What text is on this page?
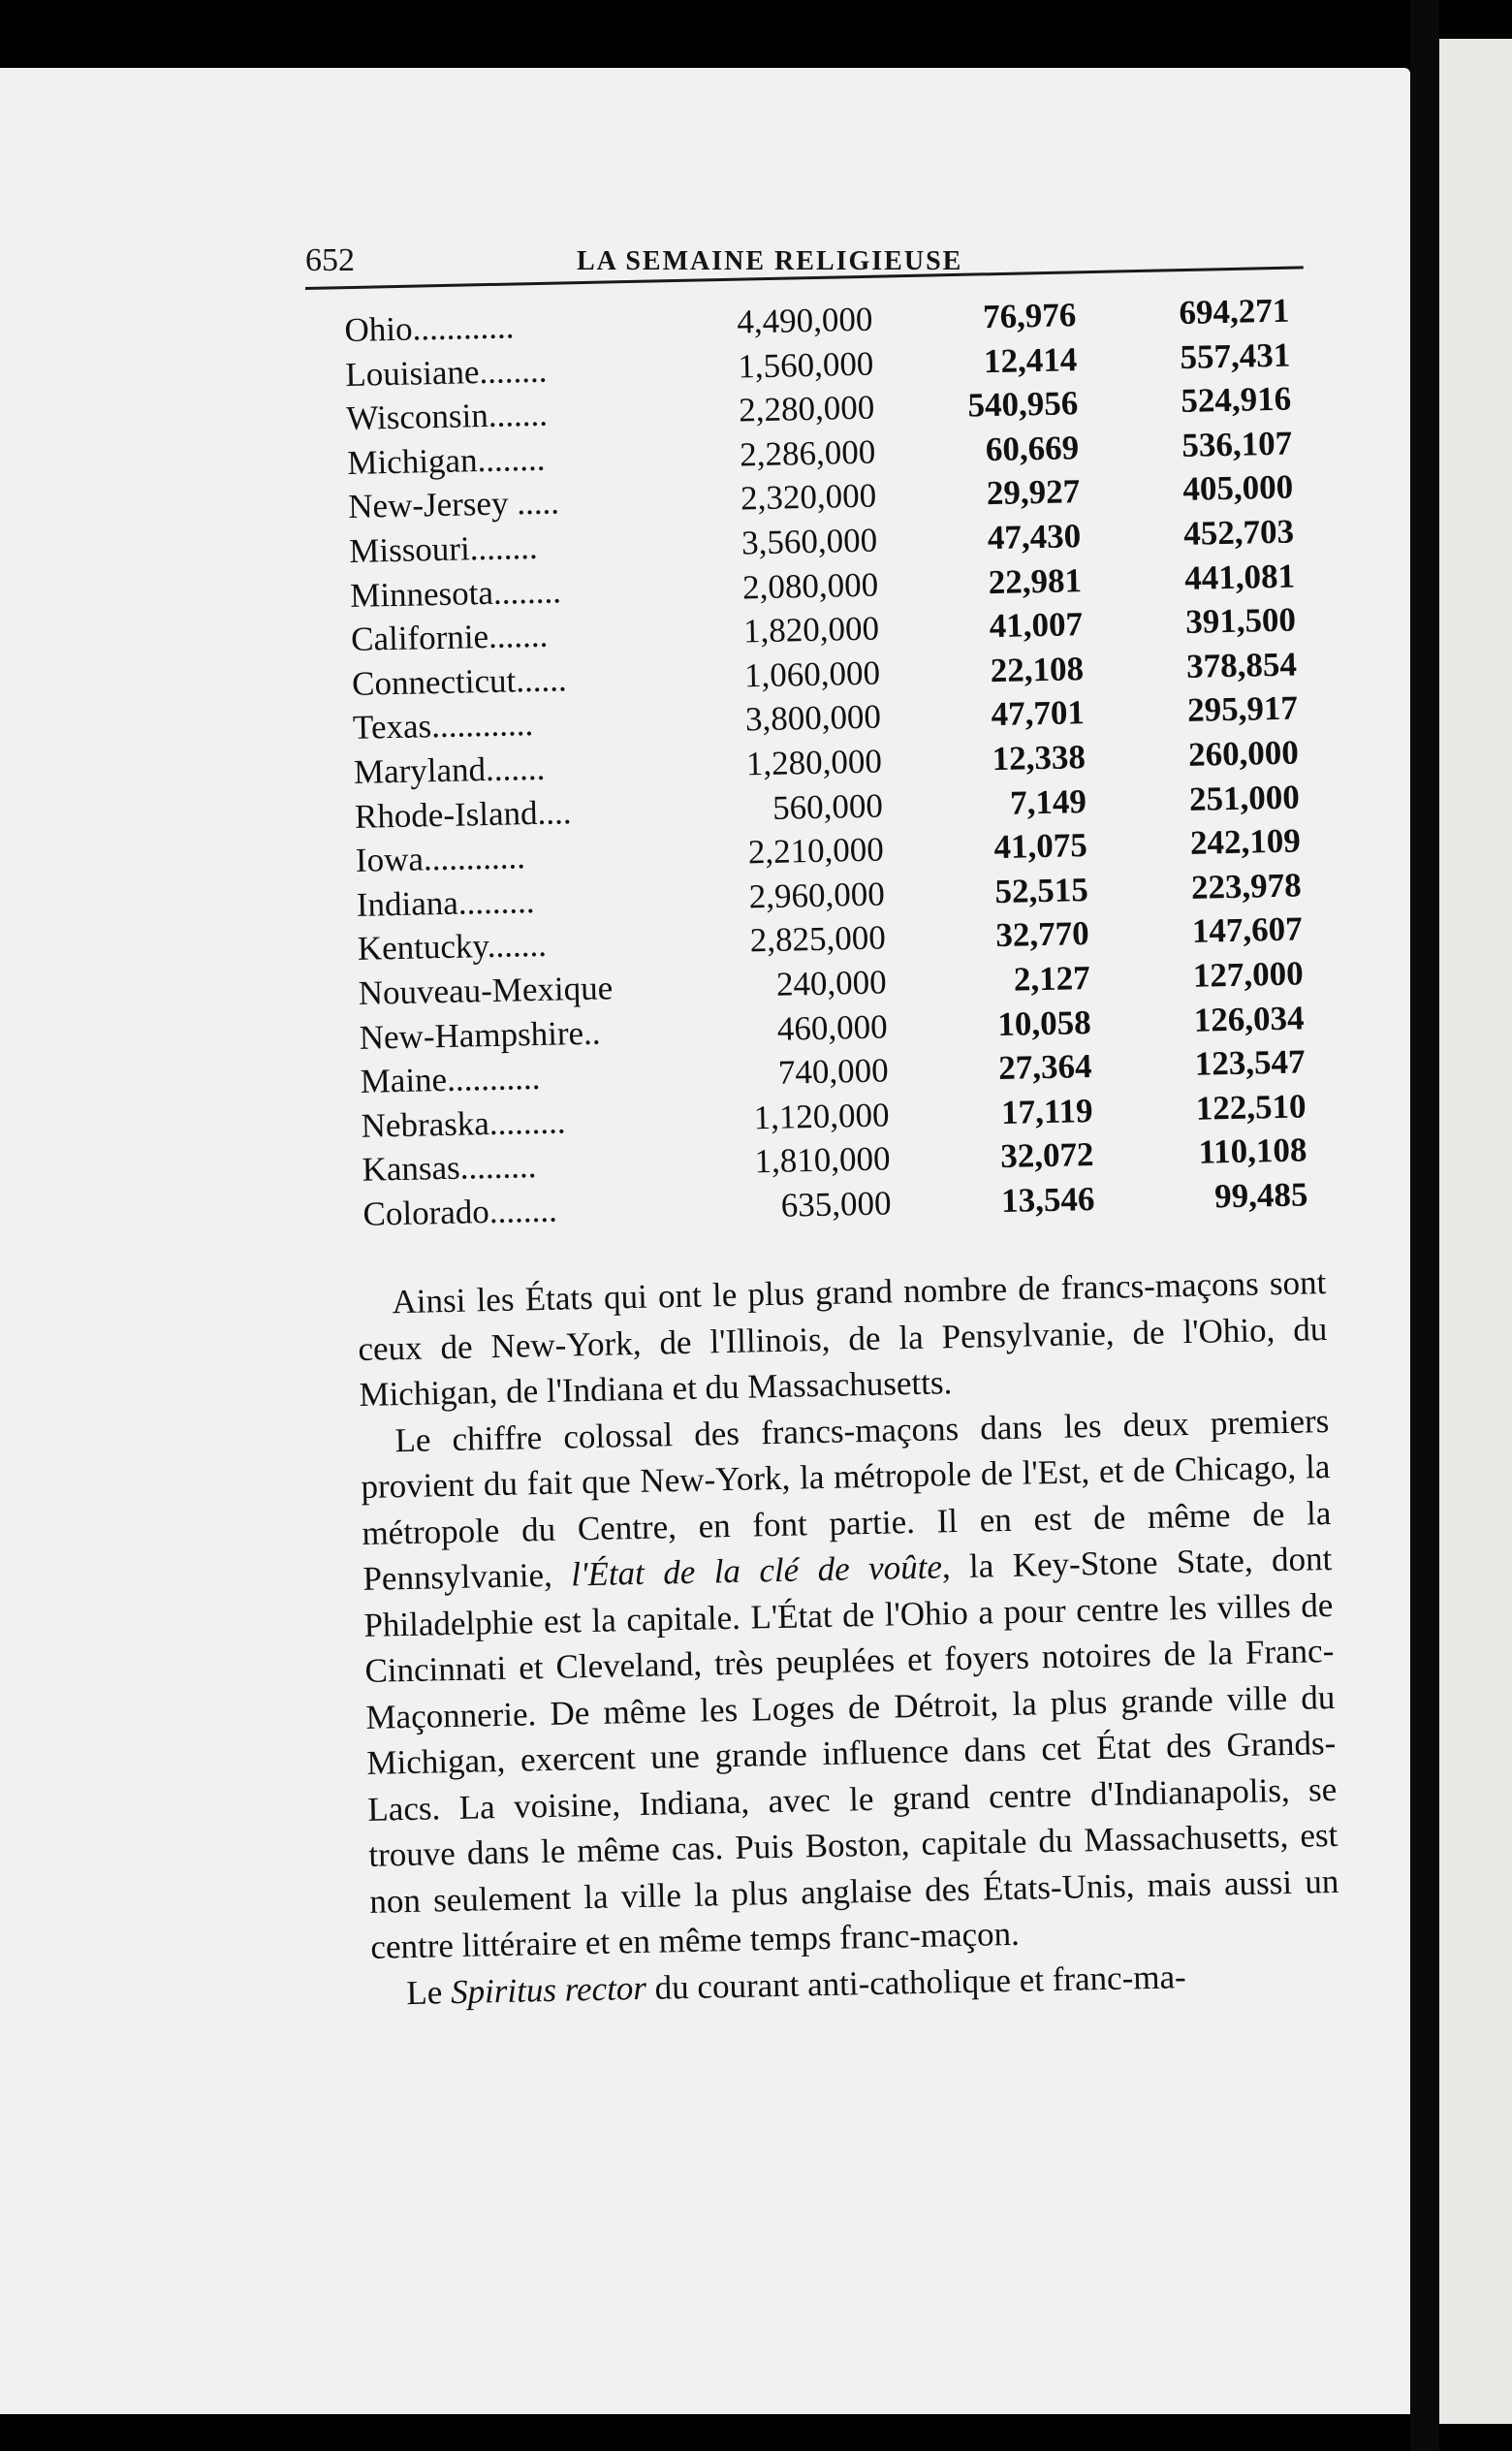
652	LA SEMAINE RELIGIEUSE
Ohio............	4,490,000	76,976	694,271
Louisiane........	1,560,000	12,414	557,431
Wisconsin.......	2,280,000	540,956	524,916
Michigan........	2,286,000	60,669	536,107
New-Jersey .....	2,320,000	29,927	405,000
Missouri........	3,560,000	47,430	452,703
Minnesota........	2,080,000	22,981	441,081
Californie.......	1,820,000	41,007	391,500
Connecticut......	1,060,000	22,108	378,854
Texas............	3,800,000	47,701	295,917
Maryland.......	1,280,000	12,338	260,000
Rhode-Island....	560,000	7,149	251,000
Iowa............	2,210,000	41,075	242,109
Indiana.........	2,960,000	52,515	223,978
Kentucky.......	2,825,000	32,770	147,607
Nouveau-Mexique	240,000	2,127	127,000
New-Hampshire..	460,000	10,058	126,034
Maine...........	740,000	27,364	123,547
Nebraska.........	1,120,000	17,119	122,510
Kansas.........	1,810,000	32,072	110,108
Colorado........	635,000	13,546	99,485

Ainsi les États qui ont le plus grand nombre de francs-maçons sont ceux de New-York, de l'Illinois, de la Pensylvanie, de l'Ohio, du Michigan, de l'Indiana et du Massachusetts.

Le chiffre colossal des francs-maçons dans les deux premiers provient du fait que New-York, la métropole de l'Est, et de Chicago, la métropole du Centre, en font partie. Il en est de même de la Pennsylvanie, l'État de la clé de voûte, la Key-Stone State, dont Philadelphie est la capitale. L'État de l'Ohio a pour centre les villes de Cincinnati et Cleveland, très peuplées et foyers notoires de la Franc-Maçonnerie. De même les Loges de Détroit, la plus grande ville du Michigan, exercent une grande influence dans cet État des Grands-Lacs. La voisine, Indiana, avec le grand centre d'Indianapolis, se trouve dans le même cas. Puis Boston, capitale du Massachusetts, est non seulement la ville la plus anglaise des États-Unis, mais aussi un centre littéraire et en même temps franc-maçon.

Le Spiritus rector du courant anti-catholique et franc-ma-
